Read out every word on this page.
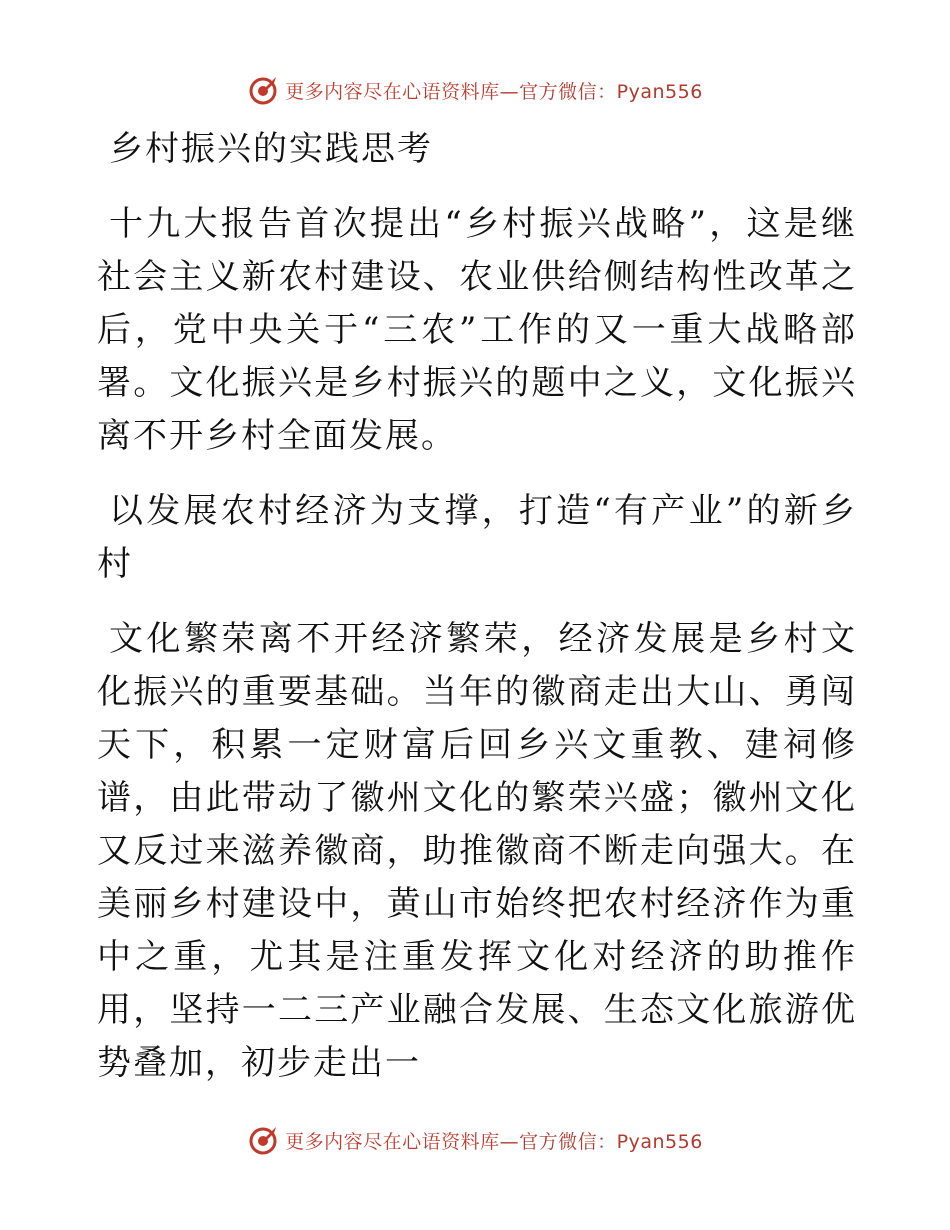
更多内容尽在心语资料库—官方微信：Pyan556

乡村振兴的实践思考

十九大报告首次提出“乡村振兴战略”，这是继社会主义新农村建设、农业供给侧结构性改革之后，党中央关于“三农”工作的又一重大战略部署。文化振兴是乡村振兴的题中之义，文化振兴离不开乡村全面发展。

以发展农村经济为支撑，打造“有产业”的新乡村

文化繁荣离不开经济繁荣，经济发展是乡村文化振兴的重要基础。当年的徽商走出大山、勇闯天下，积累一定财富后回乡兴文重教、建祠修谱，由此带动了徽州文化的繁荣兴盛；徽州文化又反过来滋养徽商，助推徽商不断走向强大。在美丽乡村建设中，黄山市始终把农村经济作为重中之重，尤其是注重发挥文化对经济的助推作用，坚持一二三产业融合发展、生态文化旅游优势叠加，初步走出一

更多内容尽在心语资料库—官方微信：Pyan556
